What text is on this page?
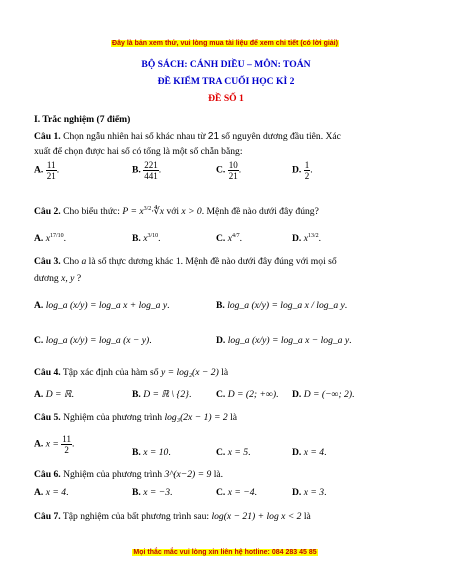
Đây là bản xem thử, vui lòng mua tài liệu để xem chi tiết (có lời giải)
BỘ SÁCH: CÁNH DIỀU – MÔN: TOÁN
ĐỀ KIỂM TRA CUỐI HỌC KÌ 2
ĐỀ SỐ 1
I. Trắc nghiệm (7 điểm)
Câu 1. Chọn ngẫu nhiên hai số khác nhau từ 21 số nguyên dương đầu tiên. Xác
xuất để chọn được hai số có tổng là một số chẵn bằng:
A. $\frac{11}{21}$ .	B. $\frac{221}{441}$ .	C. $\frac{10}{21}$ .	D. $\frac{1}{2}$ .
Câu 2. Cho biểu thức: $P = x^{3/2}\cdot∜x$ với x > 0. Mệnh đề nào dưới đây đúng?
A. $x^{17/10}$.	B. $x^{3/10}$.	C. $x^{4/7}$.	D. $x^{13/2}$.
Câu 3. Cho a là số thực dương khác 1. Mệnh đề nào dưới đây đúng với mọi số
dương x, y ?
A. log_a (x/y) = log_a x + log_a y.	B. log_a (x/y) = log_a x / log_a y.
C. log_a (x/y) = log_a (x − y).	D. log_a (x/y) = log_a x − log_a y.
Câu 4. Tập xác định của hàm số y = log₂(x − 2) là
A. D = ℝ.	B. D = ℝ \ {2}.	C. D = (2; +∞). D. D = (−∞; 2).
Câu 5. Nghiệm của phương trình log₃(2x − 1) = 2 là
A. $x = \frac{11}{2}$ .
B. x = 10.	C. x = 5.	D. x = 4.
Câu 6. Nghiệm của phương trình 3^(x−2) = 9 là.
A. x = 4.	B. x = −3.	C. x = −4.	D. x = 3.
Câu 7. Tập nghiệm của bất phương trình sau: log(x − 21) + log x < 2 là
Mọi thắc mắc vui lòng xin liên hệ hotline: 084 283 45 85
